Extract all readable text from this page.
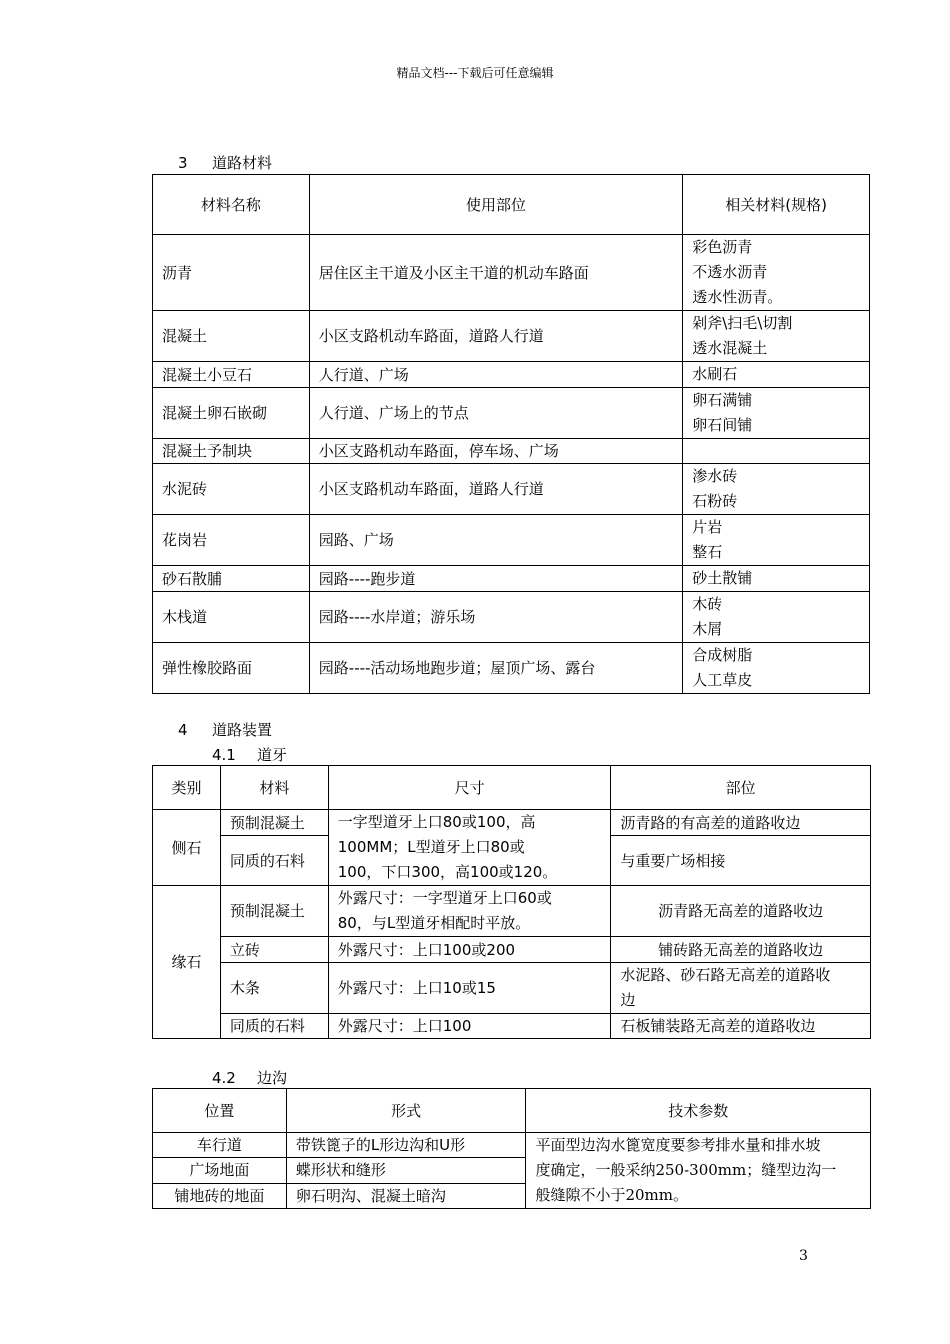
精品文档---下载后可任意编辑
3 道路材料
材料名称	使用部位	相关材料(规格)
沥青	居住区主干道及小区主干道的机动车路面	彩色沥青
不透水沥青
透水性沥青。

混凝土	小区支路机动车路面，道路人行道	剁斧\扫毛\切割
透水混凝土

混凝土小豆石	人行道、广场	水刷石

混凝土卵石嵌砌	人行道、广场上的节点	卵石满铺
卵石间铺

混凝土予制块	小区支路机动车路面，停车场、广场	
水泥砖	小区支路机动车路面，道路人行道	渗水砖
石粉砖

花岗岩	园路、广场	片岩
整石

砂石散脯	园路----跑步道	砂土散铺

木栈道	园路----水岸道；游乐场	木砖
木屑

弹性橡胶路面	园路----活动场地跑步道；屋顶广场、露台	合成树脂
人工草皮
4 道路装置
4.1 道牙
类别	材料	尺寸	部位
侧石	预制混凝土	一字型道牙上口80或100，高
100MM；L型道牙上口80或
100，下口300，高100或120。	沥青路的有高差的道路收边
	同质的石料		与重要广场相接
缘石	预制混凝土	外露尺寸：一字型道牙上口60或
80，与L型道牙相配时平放。	沥青路无高差的道路收边
	立砖	外露尺寸：上口100或200	铺砖路无高差的道路收边
	木条	外露尺寸：上口10或15	水泥路、砂石路无高差的道路收
边

	同质的石料	外露尺寸：上口100	石板铺装路无高差的道路收边
4.2 边沟
位置	形式	技术参数
车行道	带铁篦子的L形边沟和U形	平面型边沟水篦宽度要参考排水量和排水坡
度确定，一般采纳250-300mm；缝型边沟一
般缝隙不小于20mm。

广场地面	蝶形状和缝形	
铺地砖的地面	卵石明沟、混凝土暗沟	
3
